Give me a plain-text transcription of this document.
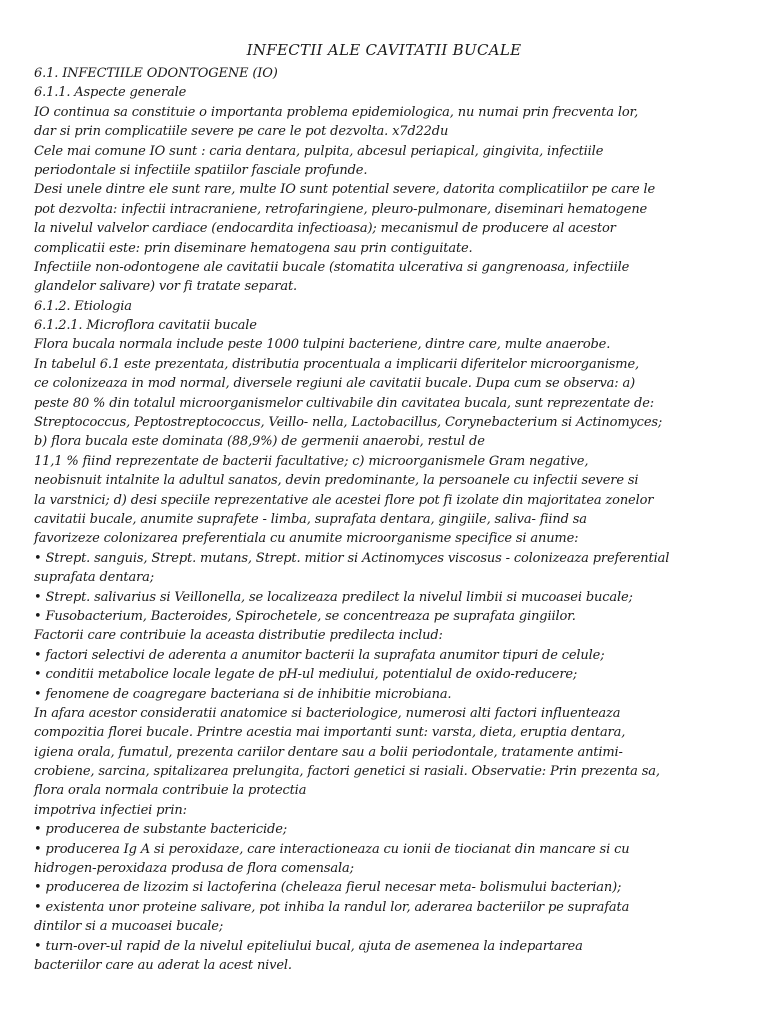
INFECTII ALE CAVITATII BUCALE
6.1. INFECTIILE ODONTOGENE (IO)
6.1.1. Aspecte generale
IO continua sa constituie o importanta problema epidemiologica, nu numai prin frecventa lor,
dar si prin complicatiile severe pe care le pot dezvolta. x7d22du
Cele mai comune IO sunt : caria dentara, pulpita, abcesul periapical, gingivita, infectiile
periodontale si infectiile spatiilor fasciale profunde.
Desi unele dintre ele sunt rare, multe IO sunt potential severe, datorita complicatiilor pe care le
pot dezvolta: infectii intracraniene, retrofaringiene, pleuro-pulmonare, diseminari hematogene
la nivelul valvelor cardiace (endocardita infectioasa); mecanismul de producere al acestor
complicatii este: prin diseminare hematogena sau prin contiguitate.
Infectiile non-odontogene ale cavitatii bucale (stomatita ulcerativa si gangrenoasa, infectiile
glandelor salivare) vor fi tratate separat.
6.1.2. Etiologia
6.1.2.1. Microflora cavitatii bucale
Flora bucala normala include peste 1000 tulpini bacteriene, dintre care, multe anaerobe.
In tabelul 6.1 este prezentata, distributia procentuala a implicarii diferitelor microorganisme,
ce colonizeaza in mod normal, diversele regiuni ale cavitatii bucale. Dupa cum se observa: a)
peste 80 % din totalul microorganismelor cultivabile din cavitatea bucala, sunt reprezentate de:
Streptococcus, Peptostreptococcus, Veillo- nella, Lactobacillus, Corynebacterium si Actinomyces;
b) flora bucala este dominata (88,9%) de germenii anaerobi, restul de
11,1 % fiind reprezentate de bacterii facultative; c) microorganismele Gram negative,
neobisnuit intalnite la adultul sanatos, devin predominante, la persoanele cu infectii severe si
la varstnici; d) desi speciile reprezentative ale acestei flore pot fi izolate din majoritatea zonelor
cavitatii bucale, anumite suprafete - limba, suprafata dentara, gingiile, saliva- fiind sa
favorizeze colonizarea preferentiala cu anumite microorganisme specifice si anume:
• Strept. sanguis, Strept. mutans, Strept. mitior si Actinomyces viscosus - colonizeaza preferential
suprafata dentara;
• Strept. salivarius si Veillonella, se localizeaza predilect la nivelul limbii si mucoasei bucale;
• Fusobacterium, Bacteroides, Spirochetele, se concentreaza pe suprafata gingiilor.
Factorii care contribuie la aceasta distributie predilecta includ:
• factori selectivi de aderenta a anumitor bacterii la suprafata anumitor tipuri de celule;
• conditii metabolice locale legate de pH-ul mediului, potentialul de oxido-reducere;
• fenomene de coagregare bacteriana si de inhibitie microbiana.
In afara acestor consideratii anatomice si bacteriologice, numerosi alti factori influenteaza
compozitia florei bucale. Printre acestia mai importanti sunt: varsta, dieta, eruptia dentara,
igiena orala, fumatul, prezenta cariilor dentare sau a bolii periodontale, tratamente antimi-
crobiene, sarcina, spitalizarea prelungita, factori genetici si rasiali. Observatie: Prin prezenta sa,
flora orala normala contribuie la protectia
impotriva infectiei prin:
• producerea de substante bactericide;
• producerea Ig A si peroxidaze, care interactioneaza cu ionii de tiocianat din mancare si cu
hidrogen-peroxidaza produsa de flora comensala;
• producerea de lizozim si lactoferina (cheleaza fierul necesar meta- bolismului bacterian);
• existenta unor proteine salivare, pot inhiba la randul lor, aderarea bacteriilor pe suprafata
dintilor si a mucoasei bucale;
• turn-over-ul rapid de la nivelul epiteliului bucal, ajuta de asemenea la indepartarea
bacteriilor care au aderat la acest nivel.
